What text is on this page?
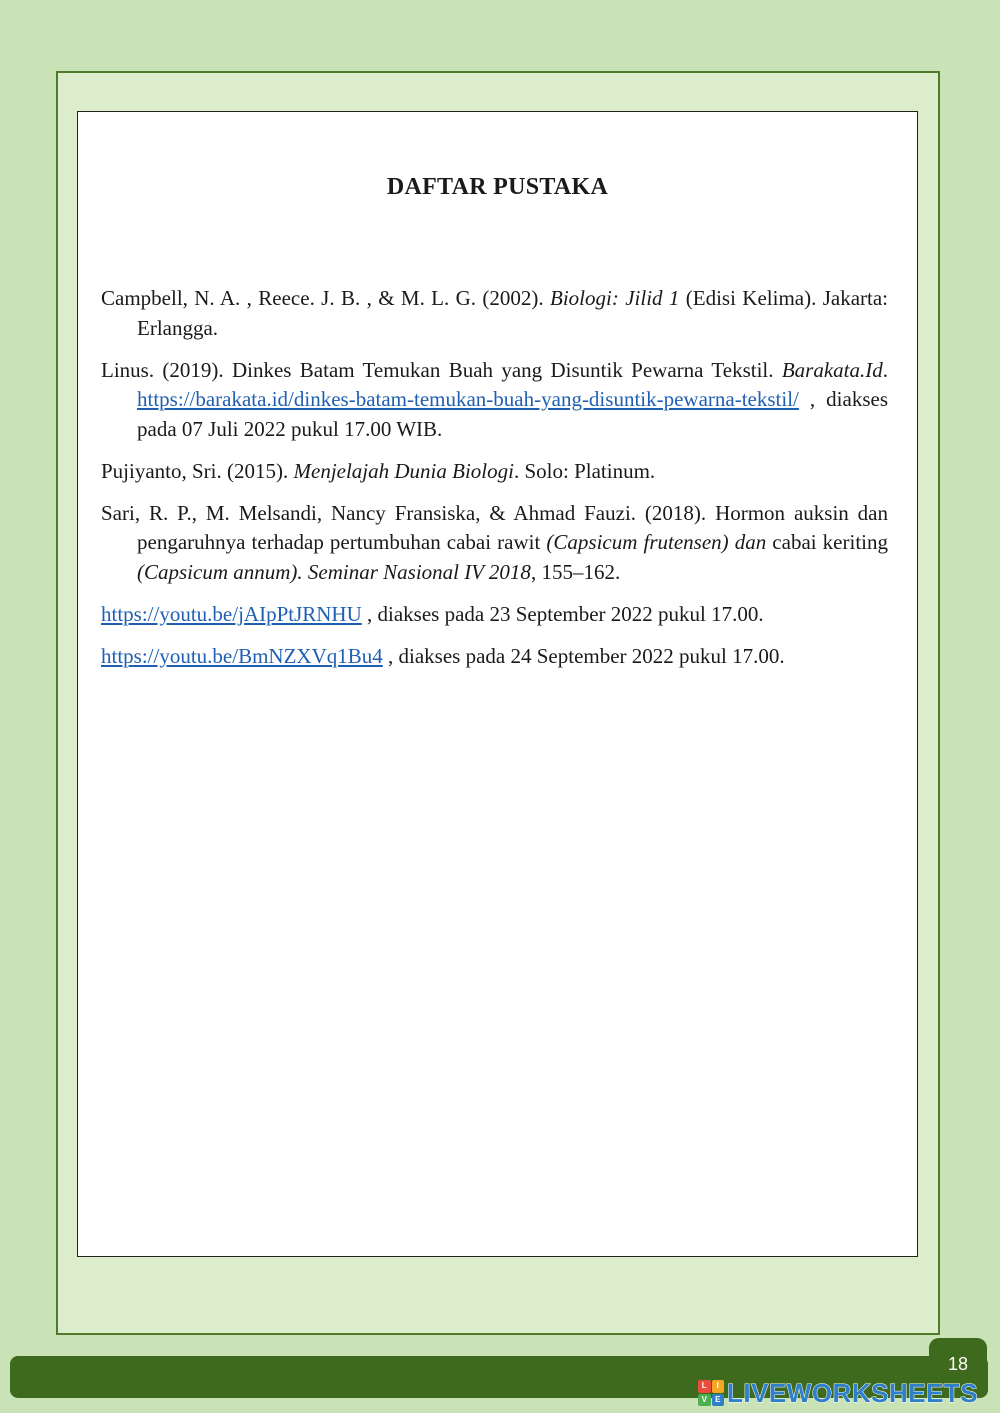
DAFTAR PUSTAKA

Campbell, N. A. , Reece. J. B. , & M. L. G. (2002). Biologi: Jilid 1 (Edisi Kelima). Jakarta: Erlangga.

Linus. (2019). Dinkes Batam Temukan Buah yang Disuntik Pewarna Tekstil. Barakata.Id. https://barakata.id/dinkes-batam-temukan-buah-yang-disuntik-pewarna-tekstil/ , diakses pada 07 Juli 2022 pukul 17.00 WIB.

Pujiyanto, Sri. (2015). Menjelajah Dunia Biologi. Solo: Platinum.

Sari, R. P., M. Melsandi, Nancy Fransiska, & Ahmad Fauzi. (2018). Hormon auksin dan pengaruhnya terhadap pertumbuhan cabai rawit (Capsicum frutensen) dan cabai keriting (Capsicum annum). Seminar Nasional IV 2018, 155–162.

https://youtu.be/jAIpPtJRNHU , diakses pada 23 September 2022 pukul 17.00.

https://youtu.be/BmNZXVq1Bu4 , diakses pada 24 September 2022 pukul 17.00.

18
L	I
V	E LIVEWORKSHEETS
